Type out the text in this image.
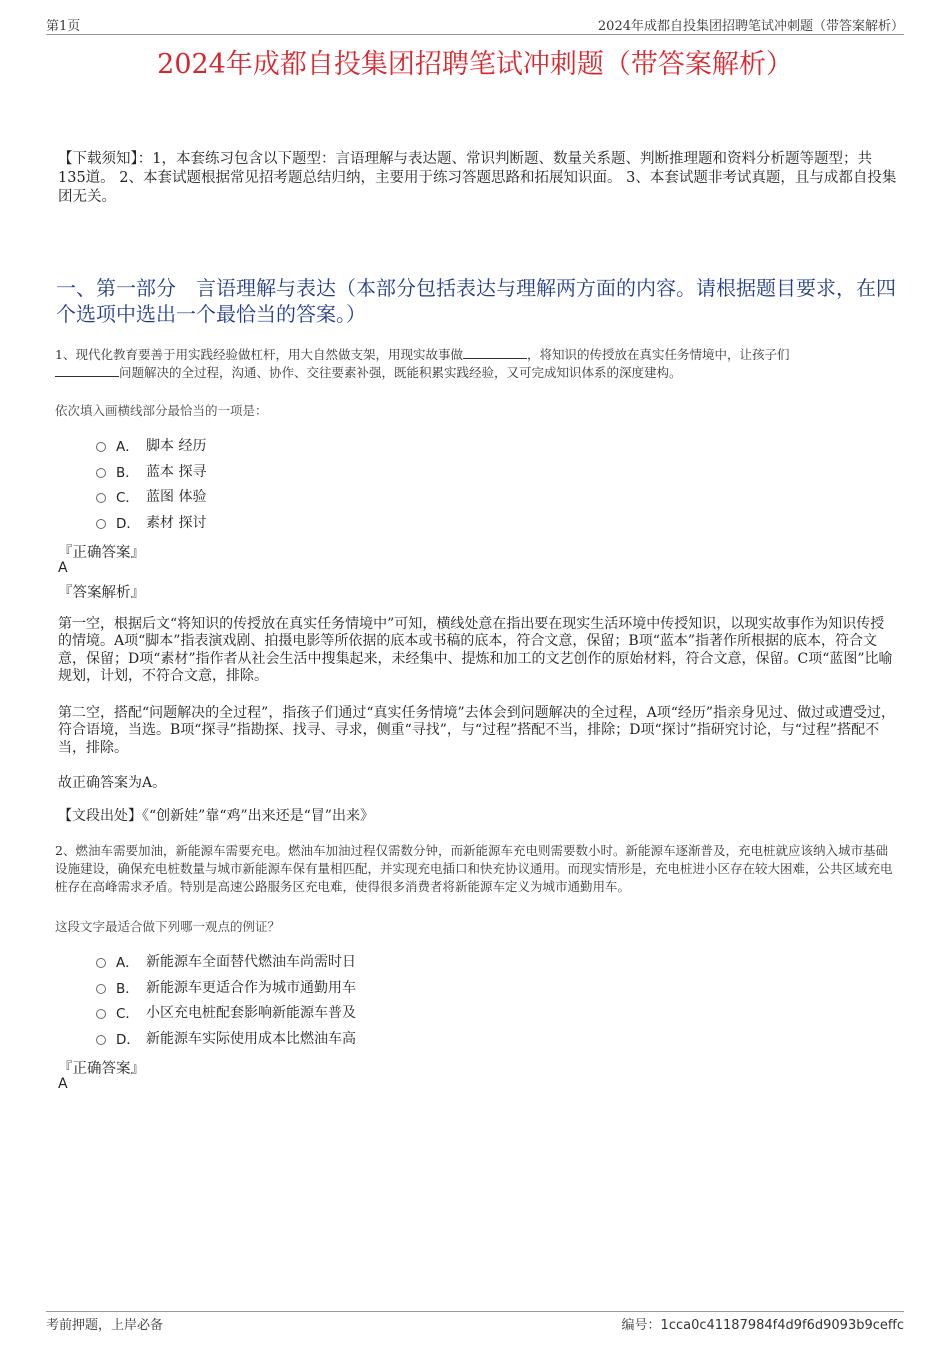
第1页	2024年成都自投集团招聘笔试冲刺题（带答案解析）
2024年成都自投集团招聘笔试冲刺题（带答案解析）
【下载须知】：1，本套练习包含以下题型：言语理解与表达题、常识判断题、数量关系题、判断推理题和资料分析题等题型；共135道。 2、本套试题根据常见招考题总结归纳，主要用于练习答题思路和拓展知识面。 3、本套试题非考试真题，且与成都自投集团无关。
一、第一部分　言语理解与表达（本部分包括表达与理解两方面的内容。请根据题目要求，在四个选项中选出一个最恰当的答案。）
1、现代化教育要善于用实践经验做杠杆，用大自然做支架，用现实故事做	，将知识的传授放在真实任务情境中，让孩子们
问题解决的全过程，沟通、协作、交往要素补强，既能积累实践经验，又可完成知识体系的深度建构。
依次填入画横线部分最恰当的一项是：
A． 脚本 经历
B． 蓝本 探寻
C． 蓝图 体验
D． 素材 探讨
『正确答案』
A
『答案解析』
第一空，根据后文“将知识的传授放在真实任务情境中”可知，横线处意在指出要在现实生活环境中传授知识，以现实故事作为知识传授的情境。A项“脚本”指表演戏剧、拍摄电影等所依据的底本或书稿的底本，符合文意，保留；B项“蓝本”指著作所根据的底本，符合文意，保留；D项“素材”指作者从社会生活中搜集起来，未经集中、提炼和加工的文艺创作的原始材料，符合文意，保留。C项“蓝图”比喻规划，计划，不符合文意，排除。
第二空，搭配“问题解决的全过程”，指孩子们通过“真实任务情境”去体会到问题解决的全过程，A项“经历”指亲身见过、做过或遭受过，符合语境，当选。B项“探寻”指勘探、找寻、寻求，侧重“寻找”，与“过程”搭配不当，排除；D项“探讨”指研究讨论，与“过程”搭配不当，排除。
故正确答案为A。
【文段出处】《“创新娃”靠“鸡”出来还是“冒”出来》
2、燃油车需要加油，新能源车需要充电。燃油车加油过程仅需数分钟，而新能源车充电则需要数小时。新能源车逐渐普及，充电桩就应该纳入城市基础设施建设，确保充电桩数量与城市新能源车保有量相匹配，并实现充电插口和快充协议通用。而现实情形是，充电桩进小区存在较大困难，公共区域充电桩存在高峰需求矛盾。特别是高速公路服务区充电难，使得很多消费者将新能源车定义为城市通勤用车。
这段文字最适合做下列哪一观点的例证？
A． 新能源车全面替代燃油车尚需时日
B． 新能源车更适合作为城市通勤用车
C． 小区充电桩配套影响新能源车普及
D． 新能源车实际使用成本比燃油车高
『正确答案』
A
考前押题，上岸必备	编号：1cca0c41187984f4d9f6d9093b9ceffc
